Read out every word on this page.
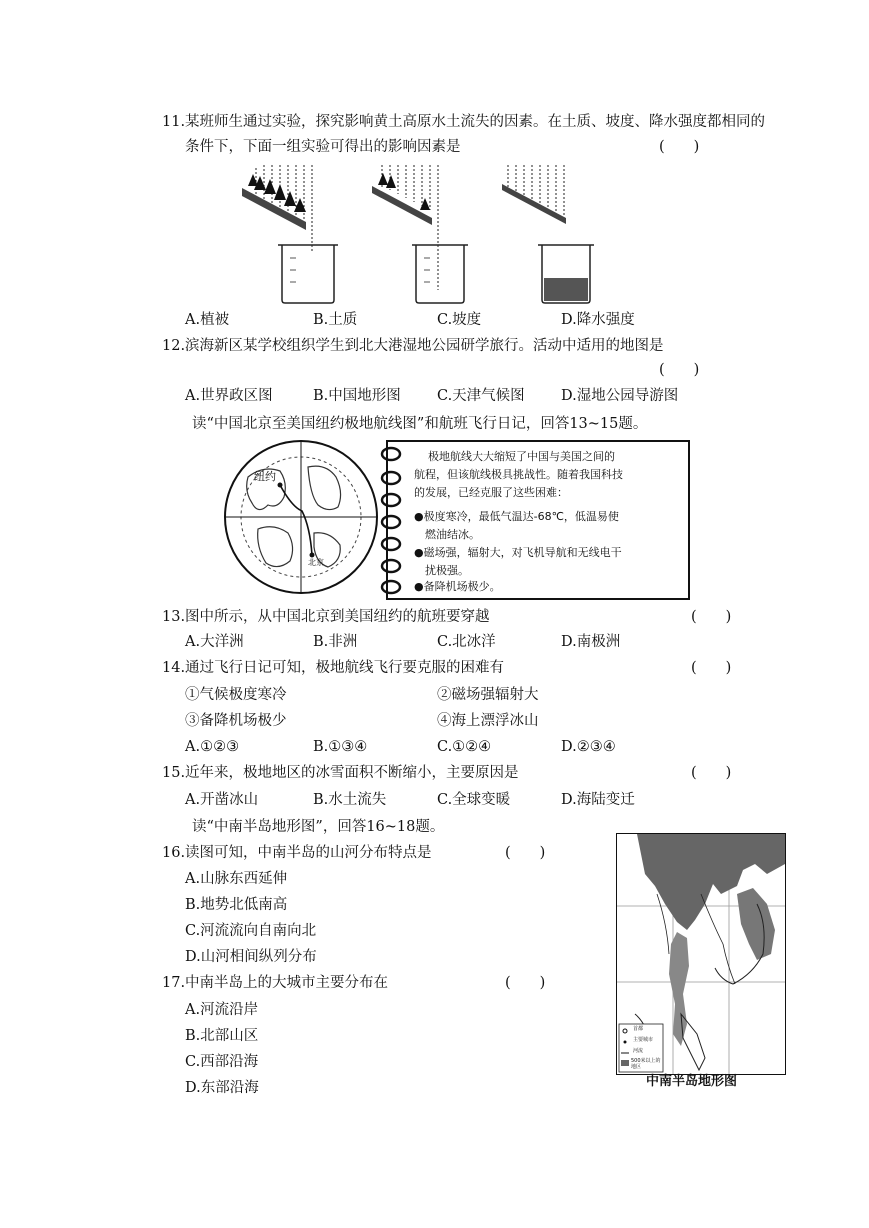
11.某班师生通过实验，探究影响黄土高原水土流失的因素。在土质、坡度、降水强度都相同的
条件下，下面一组实验可得出的影响因素是	(　　)
A.植被	B.土质	C.坡度	D.降水强度
12.滨海新区某学校组织学生到北大港湿地公园研学旅行。活动中适用的地图是
(　　)
A.世界政区图	B.中国地形图 C.天津气候图	D.湿地公园导游图
读“中国北京至美国纽约极地航线图”和航班飞行日记，回答13~15题。
纽约
北京
极地航线大大缩短了中国与美国之间的
航程，但该航线极具挑战性。随着我国科技
的发展，已经克服了这些困难：
●极度寒冷，最低气温达-68℃，低温易使
　燃油结冰。
●磁场强，辐射大，对飞机导航和无线电干
　扰极强。
●备降机场极少。
13.图中所示，从中国北京到美国纽约的航班要穿越	(　　)
A.大洋洲	B.非洲	C.北冰洋	D.南极洲
14.通过飞行日记可知，极地航线飞行要克服的困难有	(　　)
①气候极度寒冷	②磁场强辐射大
③备降机场极少	④海上漂浮冰山
A.①②③	B.①③④	C.①②④	D.②③④
15.近年来，极地地区的冰雪面积不断缩小，主要原因是	(　　)
A.开凿冰山	B.水土流失	C.全球变暖	D.海陆变迁
读“中南半岛地形图”，回答16~18题。
16.读图可知，中南半岛的山河分布特点是	(　　)
A.山脉东西延伸
B.地势北低南高
C.河流流向自南向北
D.山河相间纵列分布
17.中南半岛上的大城市主要分布在	(　　)
A.河流沿岸
B.北部山区
C.西部沿海
D.东部沿海
首都
主要城市
河流
500米以上的地区
中南半岛地形图
